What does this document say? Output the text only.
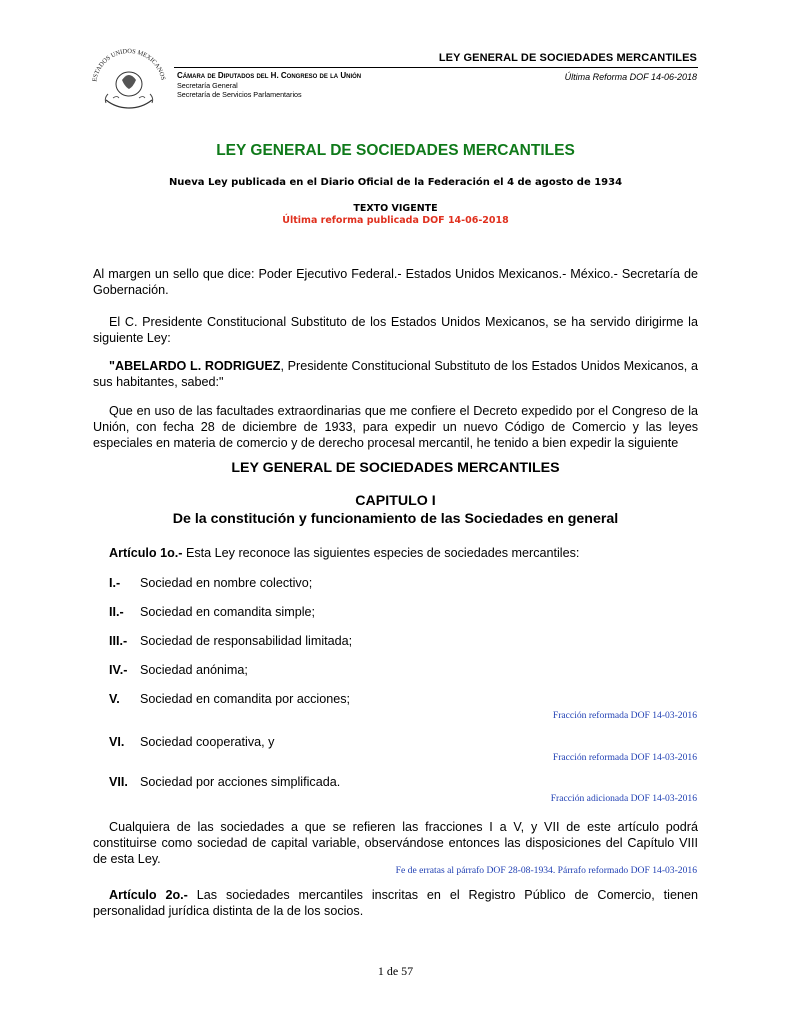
ESTADOS UNIDOS MEXICANOS
LEY GENERAL DE SOCIEDADES MERCANTILES
Cámara de Diputados del H. Congreso de la Unión
Secretaría General
Secretaría de Servicios Parlamentarios
Última Reforma DOF 14-06-2018
LEY GENERAL DE SOCIEDADES MERCANTILES
Nueva Ley publicada en el Diario Oficial de la Federación el 4 de agosto de 1934
TEXTO VIGENTE
Última reforma publicada DOF 14-06-2018
Al margen un sello que dice: Poder Ejecutivo Federal.- Estados Unidos Mexicanos.- México.- Secretaría de Gobernación.
El C. Presidente Constitucional Substituto de los Estados Unidos Mexicanos, se ha servido dirigirme la siguiente Ley:
"ABELARDO L. RODRIGUEZ, Presidente Constitucional Substituto de los Estados Unidos Mexicanos, a sus habitantes, sabed:"
Que en uso de las facultades extraordinarias que me confiere el Decreto expedido por el Congreso de la Unión, con fecha 28 de diciembre de 1933, para expedir un nuevo Código de Comercio y las leyes especiales en materia de comercio y de derecho procesal mercantil, he tenido a bien expedir la siguiente
LEY GENERAL DE SOCIEDADES MERCANTILES
CAPITULO I
De la constitución y funcionamiento de las Sociedades en general
Artículo 1o.- Esta Ley reconoce las siguientes especies de sociedades mercantiles:
I.- Sociedad en nombre colectivo;
II.- Sociedad en comandita simple;
III.- Sociedad de responsabilidad limitada;
IV.- Sociedad anónima;
V. Sociedad en comandita por acciones;
Fracción reformada DOF 14-03-2016
VI. Sociedad cooperativa, y
Fracción reformada DOF 14-03-2016
VII. Sociedad por acciones simplificada.
Fracción adicionada DOF 14-03-2016
Cualquiera de las sociedades a que se refieren las fracciones I a V, y VII de este artículo podrá constituirse como sociedad de capital variable, observándose entonces las disposiciones del Capítulo VIII de esta Ley.
Fe de erratas al párrafo DOF 28-08-1934. Párrafo reformado DOF 14-03-2016
Artículo 2o.- Las sociedades mercantiles inscritas en el Registro Público de Comercio, tienen personalidad jurídica distinta de la de los socios.
1 de 57
